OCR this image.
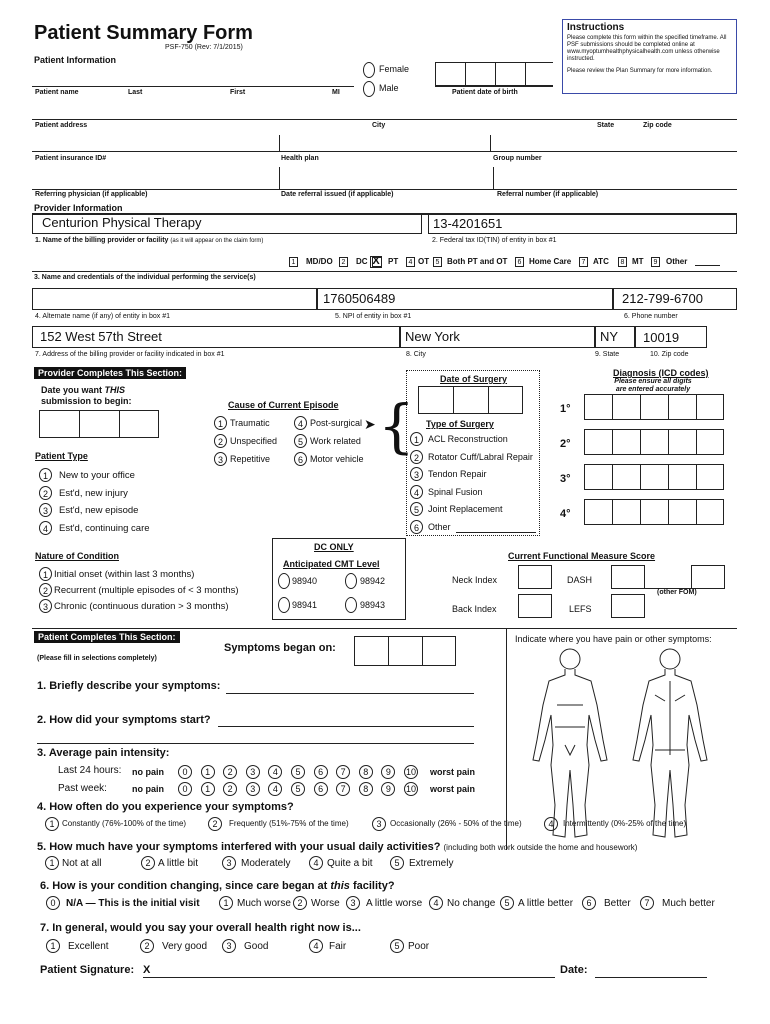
Patient Summary Form
PSF-750 (Rev: 7/1/2015)
Instructions
Please complete this form within the specified timeframe. All PSF submissions should be completed online at www.myoptumhealthphysicalhealth.com unless otherwise instructed.
Please review the Plan Summary for more information.
Patient Information
Female
Male
Patient name	Last	First	MI	Patient date of birth
Patient address	City	State	Zip code
Patient insurance ID#	Health plan	Group number
Referring physician (if applicable)	Date referral issued (if applicable)	Referral number (if applicable)
Provider Information
Centurion Physical Therapy	13-4201651
1. Name of the billing provider or facility (as it will appear on the claim form)	2. Federal tax ID(TIN) of entity in box #1
3. Name and credentials of the individual performing the service(s)
1760506489	212-799-6700
4. Alternate name (if any) of entity in box #1	5. NPI of entity in box #1	6. Phone number
152 West 57th Street	New York	NY 10019
7. Address of the billing provider or facility indicated in box #1	8. City	9. State	10. Zip code
Provider Completes This Section:
Date you want THIS
submission to begin:
Date of Surgery
Cause of Current Episode
➤ { Type of Surgery
Diagnosis (ICD codes)
Please ensure all digits are entered accurately
Patient Type
Nature of Condition
DC ONLY
Anticipated CMT Level
Current Functional Measure Score
Neck Index	DASH
(other FOM)
Back Index	LEFS
Patient Completes This Section:
(Please fill in selections completely)
Symptoms began on:
Indicate where you have pain or other symptoms:
1. Briefly describe your symptoms:
2. How did your symptoms start?
3. Average pain intensity:
Last 24 hours: no pain	worst pain
Past week:	no pain	worst pain
4. How often do you experience your symptoms?
5. How much have your symptoms interfered with your usual daily activities? (including both work outside the home and housework)
6. How is your condition changing, since care began at this facility?
7. In general, would you say your overall health right now is...
Patient Signature: X	Date:
1	MD/DO	2 X
DC	PT	4 OT 5 Both PT and OT	6 Home Care	7 ATC	8 MT	9	Other
1 Traumatic	4 Post-surgical
2 Unspecified	5 Work related
3 Repetitive	6 Motor vehicle
1	ACL Reconstruction
2	Rotator Cuff/Labral Repair
3	Tendon Repair
4	Spinal Fusion
5	Joint Replacement
6	Other
1°
2°
3°
4°
1	New to your office
2	Est'd, new injury
3	Est'd, new episode
4	Est'd, continuing care
1 Initial onset (within last 3 months)
2 Recurrent (multiple episodes of < 3 months)
3 Chronic (continuous duration > 3 months)
98940	98942
98941	98943
0	1	2	3	4	5	6	7	8	9	10
0	1	2	3	4	5	6	7	8	9	10
1 Constantly (76%-100% of the time)	2	Frequently (51%-75% of the time)	3	Occasionally (26% - 50% of the time)	4	Intermittently (0%-25% of the time)
1 Not at all	2 A little bit	3 Moderately	4 Quite a bit	5 Extremely
0	N/A — This is the initial visit	1 Much worse 2 Worse	3	A little worse	4 No change	5 A little better	6	Better	7	Much better
1	Excellent	2	Very good	3	Good	4	Fair	5 Poor
